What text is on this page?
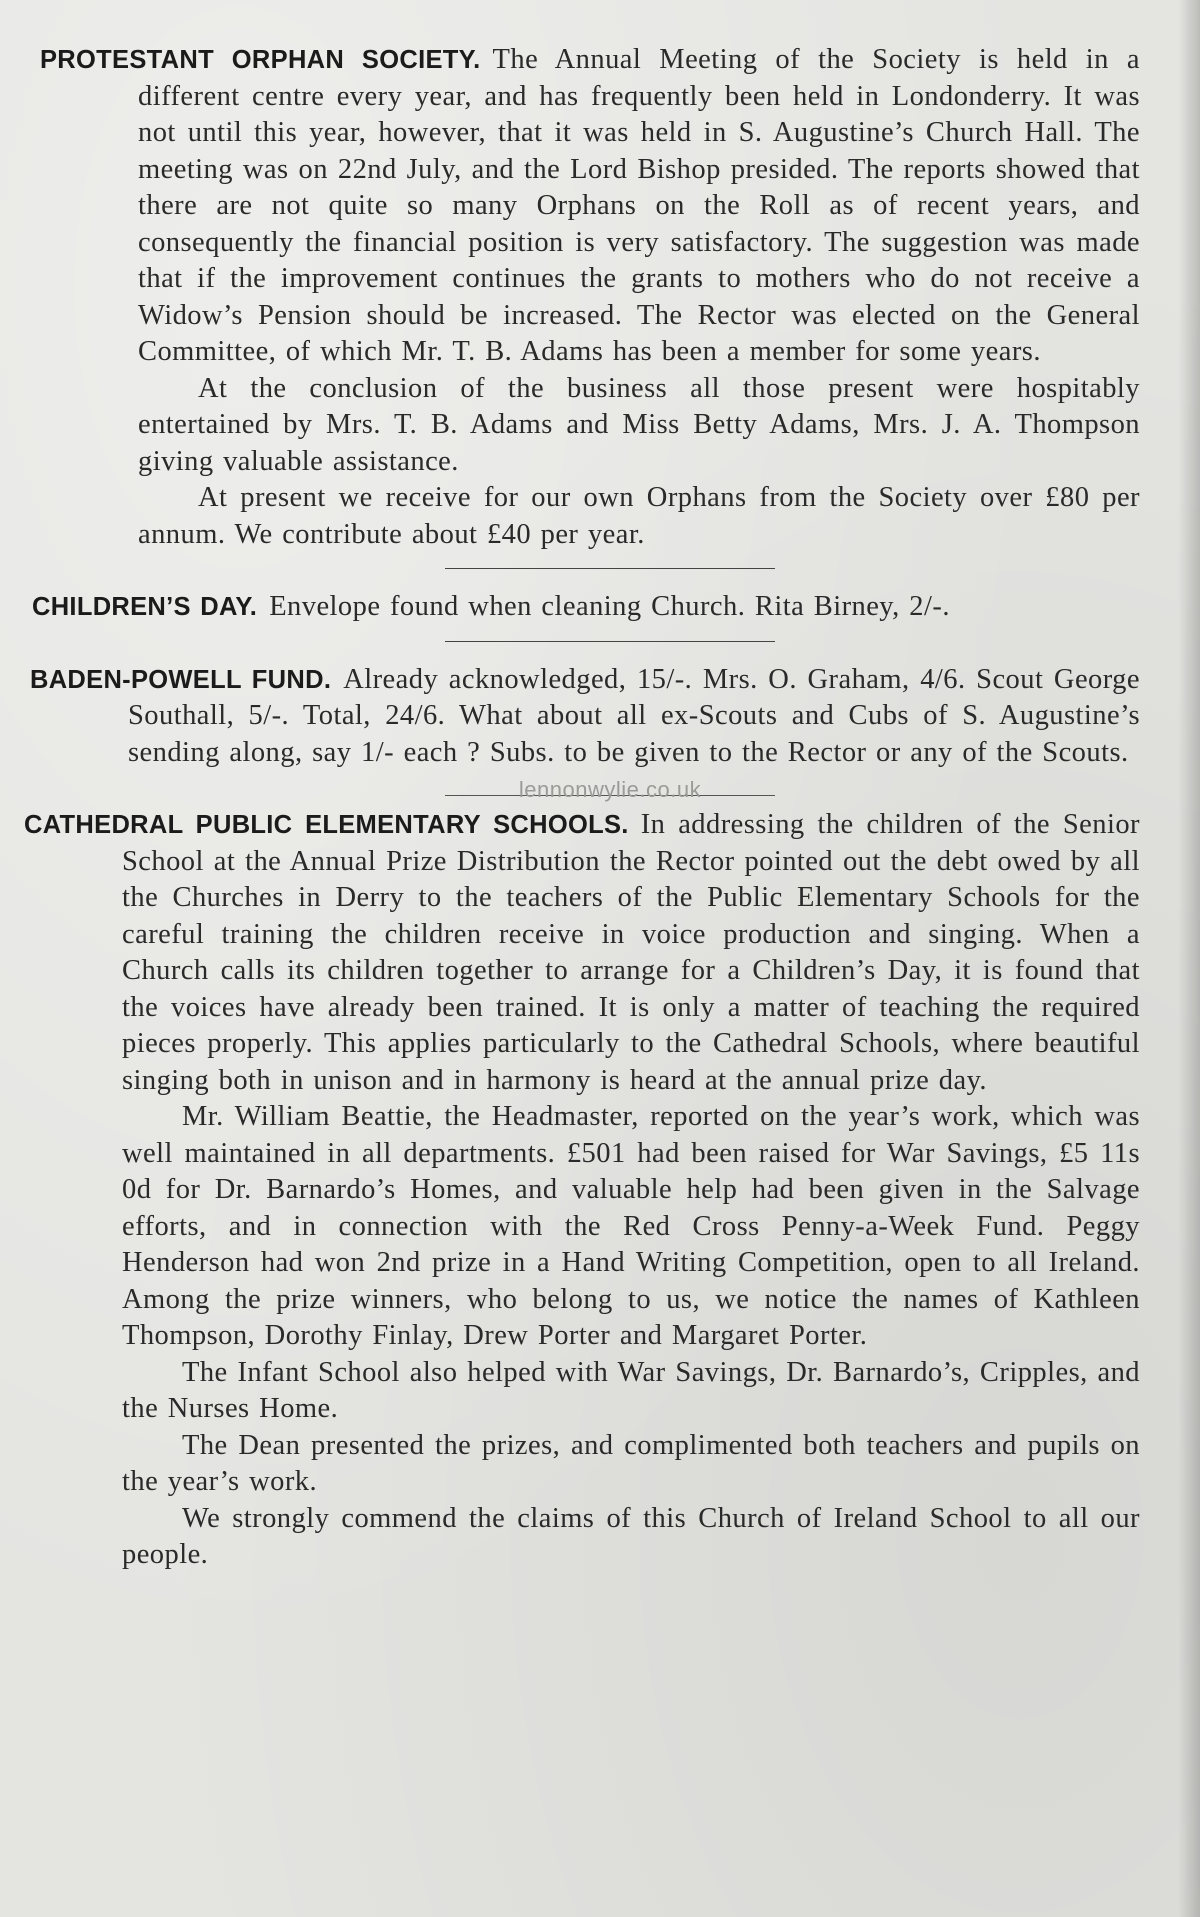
PROTESTANT ORPHAN SOCIETY. The Annual Meeting of the Society is held in a different centre every year, and has frequently been held in Londonderry. It was not until this year, however, that it was held in S. Augustine’s Church Hall. The meeting was on 22nd July, and the Lord Bishop presided. The reports showed that there are not quite so many Orphans on the Roll as of recent years, and consequently the financial position is very satisfactory. The suggestion was made that if the improvement continues the grants to mothers who do not receive a Widow’s Pension should be increased. The Rector was elected on the General Committee, of which Mr. T. B. Adams has been a member for some years.

At the conclusion of the business all those present were hospitably entertained by Mrs. T. B. Adams and Miss Betty Adams, Mrs. J. A. Thompson giving valuable assistance.

At present we receive for our own Orphans from the Society over £80 per annum. We contribute about £40 per year.

CHILDREN’S DAY. Envelope found when cleaning Church. Rita Birney, 2/-.

BADEN-POWELL FUND. Already acknowledged, 15/-. Mrs. O. Graham, 4/6. Scout George Southall, 5/-. Total, 24/6. What about all ex-Scouts and Cubs of S. Augustine’s sending along, say 1/- each ? Subs. to be given to the Rector or any of the Scouts.

lennonwylie.co.uk

CATHEDRAL PUBLIC ELEMENTARY SCHOOLS. In addressing the children of the Senior School at the Annual Prize Distribution the Rector pointed out the debt owed by all the Churches in Derry to the teachers of the Public Elementary Schools for the careful training the children receive in voice production and singing. When a Church calls its children together to arrange for a Children’s Day, it is found that the voices have already been trained. It is only a matter of teaching the required pieces properly. This applies particularly to the Cathedral Schools, where beautiful singing both in unison and in harmony is heard at the annual prize day.

Mr. William Beattie, the Headmaster, reported on the year’s work, which was well maintained in all departments. £501 had been raised for War Savings, £5 11s 0d for Dr. Barnardo’s Homes, and valuable help had been given in the Salvage efforts, and in connection with the Red Cross Penny-a-Week Fund. Peggy Henderson had won 2nd prize in a Hand Writing Competition, open to all Ireland. Among the prize winners, who belong to us, we notice the names of Kathleen Thompson, Dorothy Finlay, Drew Porter and Margaret Porter.

The Infant School also helped with War Savings, Dr. Barnardo’s, Cripples, and the Nurses Home.

The Dean presented the prizes, and complimented both teachers and pupils on the year’s work.

We strongly commend the claims of this Church of Ireland School to all our people.
